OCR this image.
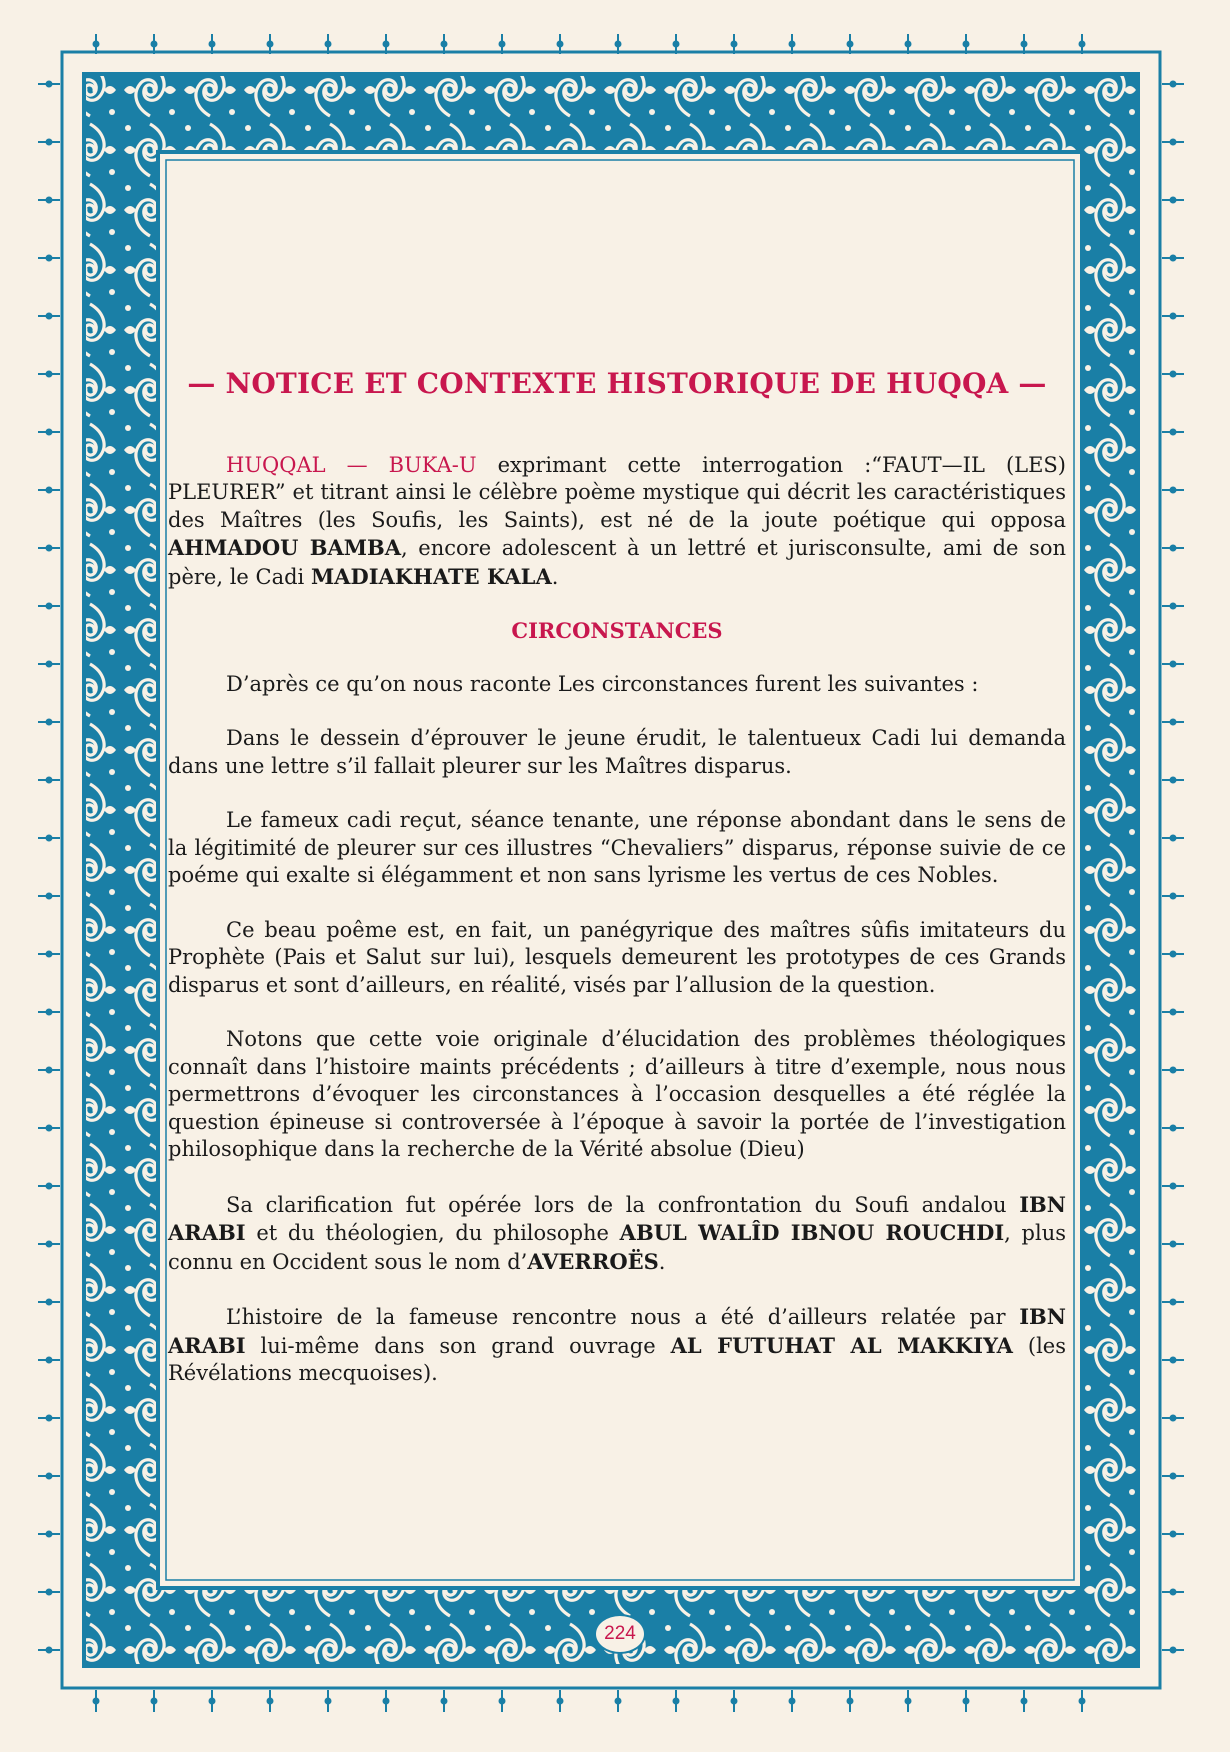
— NOTICE ET CONTEXTE HISTORIQUE DE HUQQA —

HUQQAL — BUKA-U exprimant cette interrogation :“FAUT—IL (LES) PLEURER” et titrant ainsi le célèbre poème mystique qui décrit les caractéristiques des Maîtres (les Soufis, les Saints), est né de la joute poétique qui opposa AHMADOU BAMBA, encore adolescent à un lettré et jurisconsulte, ami de son père, le Cadi MADIAKHATE KALA.

CIRCONSTANCES

D’après ce qu’on nous raconte Les circonstances furent les suivantes :

Dans le dessein d’éprouver le jeune érudit, le talentueux Cadi lui demanda dans une lettre s’il fallait pleurer sur les Maîtres disparus.

Le fameux cadi reçut, séance tenante, une réponse abondant dans le sens de la légitimité de pleurer sur ces illustres “Chevaliers” disparus, réponse suivie de ce poéme qui exalte si élégamment et non sans lyrisme les vertus de ces Nobles.

Ce beau poême est, en fait, un panégyrique des maîtres sûfis imitateurs du Prophète (Pais et Salut sur lui), lesquels demeurent les prototypes de ces Grands disparus et sont d’ailleurs, en réalité, visés par l’allusion de la question.

Notons que cette voie originale d’élucidation des problèmes théologiques connaît dans l’histoire maints précédents ; d’ailleurs à titre d’exemple, nous nous permettrons d’évoquer les circonstances à l’occasion desquelles a été réglée la question épineuse si controversée à l’époque à savoir la portée de l’investigation philosophique dans la recherche de la Vérité absolue (Dieu)

Sa clarification fut opérée lors de la confrontation du Soufi andalou IBN ARABI et du théologien, du philosophe ABUL WALÎD IBNOU ROUCHDI, plus connu en Occident sous le nom d’AVERROËS.

L’histoire de la fameuse rencontre nous a été d’ailleurs relatée par IBN ARABI lui-même dans son grand ouvrage AL FUTUHAT AL MAKKIYA (les Révélations mecquoises).

224
